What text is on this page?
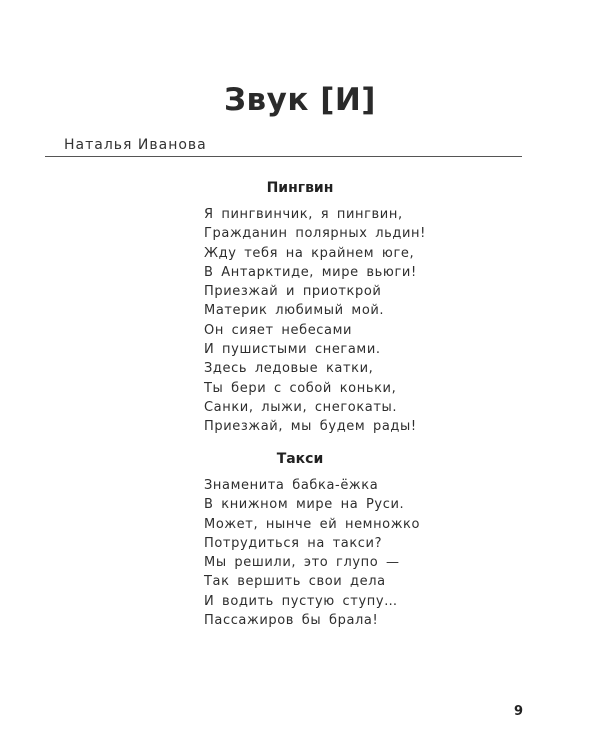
Звук [И]
Наталья Иванова
Пингвин
Я пингвинчик, я пингвин,
Гражданин полярных льдин!
Жду тебя на крайнем юге,
В Антарктиде, мире вьюги!
Приезжай и приоткрой
Материк любимый мой.
Он сияет небесами
И пушистыми снегами.
Здесь ледовые катки,
Ты бери с собой коньки,
Санки, лыжи, снегокаты.
Приезжай, мы будем рады!
Такси
Знаменита бабка-ёжка
В книжном мире на Руси.
Может, нынче ей немножко
Потрудиться на такси?
Мы решили, это глупо —
Так вершить свои дела
И водить пустую ступу…
Пассажиров бы брала!
9
